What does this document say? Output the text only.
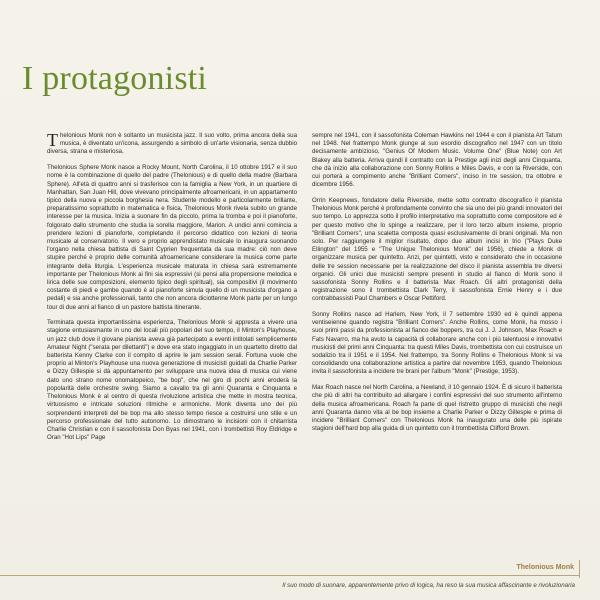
I protagonisti

Thelonious Monk non è soltanto un musicista jazz. Il suo volto, prima ancora della sua musica, è diventato un'icona, assurgendo a simbolo di un'arte visionaria, senza dubbio diversa, strana e misteriosa.

Thelonious Sphere Monk nasce a Rocky Mount, North Carolina, il 10 ottobre 1917 e il suo nome è la combinazione di quello del padre (Thelonious) e di quello della madre (Barbara Sphere). All'età di quattro anni si trasferisce con la famiglia a New York, in un quartiere di Manhattan, San Juan Hill, dove vivevano principalmente afroamericani, in un appartamento tipico della nuova e piccola borghesia nera. Studente modello e particolarmente brillante, preparatissimo soprattutto in matematica e fisica, Thelonious Monk rivela subito un grande interesse per la musica. Inizia a suonare fin da piccolo, prima la tromba e poi il pianoforte, folgorato dallo strumento che studia la sorella maggiore, Marion. A undici anni comincia a prendere lezioni di pianoforte, completando il percorso didattico con lezioni di teoria musicale al conservatorio. Il vero e proprio apprendistato musicale lo inaugura suonando l'organo nella chiesa battista di Saint Cyprien frequentata da sua madre: ciò non deve stupire perché è proprio delle comunità afroamericane considerare la musica come parte integrante della liturgia. L'esperienza musicale maturata in chiesa sarà estremamente importante per Thelonious Monk ai fini sia espressivi (si pensi alla propensione melodica e lirica delle sue composizioni, elemento tipico degli spiritual), sia compositivi (il movimento costante di piedi e gambe quando è al pianoforte simula quello di un musicista d'organo a pedali) e sia anche professionali, tanto che non ancora diciottenne Monk parte per un lungo tour di due anni al fianco di un pastore battista itinerante.

Terminata questa importantissima esperienza, Thelonious Monk si appresta a vivere una stagione entusiasmante in uno dei locali più popolari del suo tempo, il Minton's Playhouse, un jazz club dove il giovane pianista aveva già partecipato a eventi intitolati semplicemente Amateur Night ("serata per dilettanti") e dove era stato ingaggiato in un quartetto diretto dal batterista Kenny Clarke con il compito di aprire le jam session serali. Fortuna vuole che proprio al Minton's Playhouse una nuova generazione di musicisti guidati da Charlie Parker e Dizzy Gillespie si dà appuntamento per sviluppare una nuova idea di musica cui viene dato uno strano nome onomatopeico, "be bop", che nel giro di pochi anni eroderà la popolarità delle orchestre swing. Siamo a cavallo tra gli anni Quaranta e Cinquanta e Thelonious Monk è al centro di questa rivoluzione artistica che mette in mostra tecnica, virtuosismo e intricate soluzioni ritmiche e armoniche. Monk diventa uno dei più sorprendenti interpreti del be bop ma allo stesso tempo riesce a costruirsi uno stile e un percorso professionale del tutto autonomo. Lo dimostrano le incisioni con il chitarrista Charlie Christian e con il sassofonista Don Byas nel 1941, con i trombettisti Roy Eldridge e Oran "Hot Lips" Page

sempre nel 1941, con il sassofonista Coleman Hawkins nel 1944 e con il pianista Art Tatum nel 1948. Nel frattempo Monk giunge al suo esordio discografico nel 1947 con un titolo decisamente ambizioso, "Genius Of Modern Music. Volume One" (Blue Note) con Art Blakey alla batteria. Arriva quindi il contratto con la Prestige agli inizi degli anni Cinquanta, che dà inizio alla collaborazione con Sonny Rollins e Miles Davis, e con la Riverside, con cui porterà a compimento anche "Brilliant Corners", inciso in tre session, tra ottobre e dicembre 1956.

Orrin Keepnews, fondatore della Riverside, mette sotto contratto discografico il pianista Thelonious Monk perché è profondamente convinto che sia uno dei più grandi innovatori del suo tempo. Lo apprezza sotto il profilo interpretativo ma soprattutto come compositore ed è per questo motivo che lo spinge a realizzare, per il loro terzo album insieme, proprio "Brilliant Corners", una scaletta composta quasi esclusivamente di brani originali. Ma non solo. Per raggiungere il miglior risultato, dopo due album incisi in trio ("Plays Duke Ellington" del 1955 e "The Unique Thelonious Monk" del 1956), chiede a Monk di organizzare musica per quintetto. Anzi, per quintetti, visto e considerato che in occasione delle tre session necessarie per la realizzazione del disco il pianista assembla tre diversi organici. Gli unici due musicisti sempre presenti in studio al fianco di Monk sono il sassofonista Sonny Rollins e il batterista Max Roach. Gli altri protagonisti della registrazione sono il trombettista Clark Terry, il sassofonista Ernie Henry e i due contrabbassisti Paul Chambers e Oscar Pettiford.

Sonny Rollins nasce ad Harlem, New York, il 7 settembre 1930 ed è quindi appena ventiseienne quando registra "Brilliant Corners". Anche Rollins, come Monk, ha mosso i suoi primi passi da professionista al fianco dei boppers, tra cui J. J. Johnson, Max Roach e Fats Navarro, ma ha avuto la capacità di collaborare anche con i più talentuosi e innovativi musicisti del primi anni Cinquanta: tra questi Miles Davis, trombettista con cui costruisce un sodalizio tra il 1951 e il 1954. Nel frattempo, tra Sonny Rollins e Thelonious Monk si va consolidando una collaborazione artistica a partire dal novembre 1953, quando Thelonious invita il sassofonista a incidere tre brani per l'album "Monk" (Prestige, 1953).

Max Roach nasce nel North Carolina, a Newland, il 10 gennaio 1924. È di sicuro il batterista che più di altri ha contribuito ad allargare i confini espressivi del suo strumento all'interno della musica afroamericana. Roach fa parte di quel ristretto gruppo di musicisti che negli anni Quaranta danno vita al be bop insieme a Charlie Parker e Dizzy Gillespie e prima di incidere "Brilliant Corners" con Thelonious Monk ha inaugurato una delle più ispirate stagioni dell'hard bop alla guida di un quintetto con il trombettista Clifford Brown.

Thelonious Monk
Il suo modo di suonare, apparentemente privo di logica, ha reso la sua musica affascinante e rivoluzionaria
